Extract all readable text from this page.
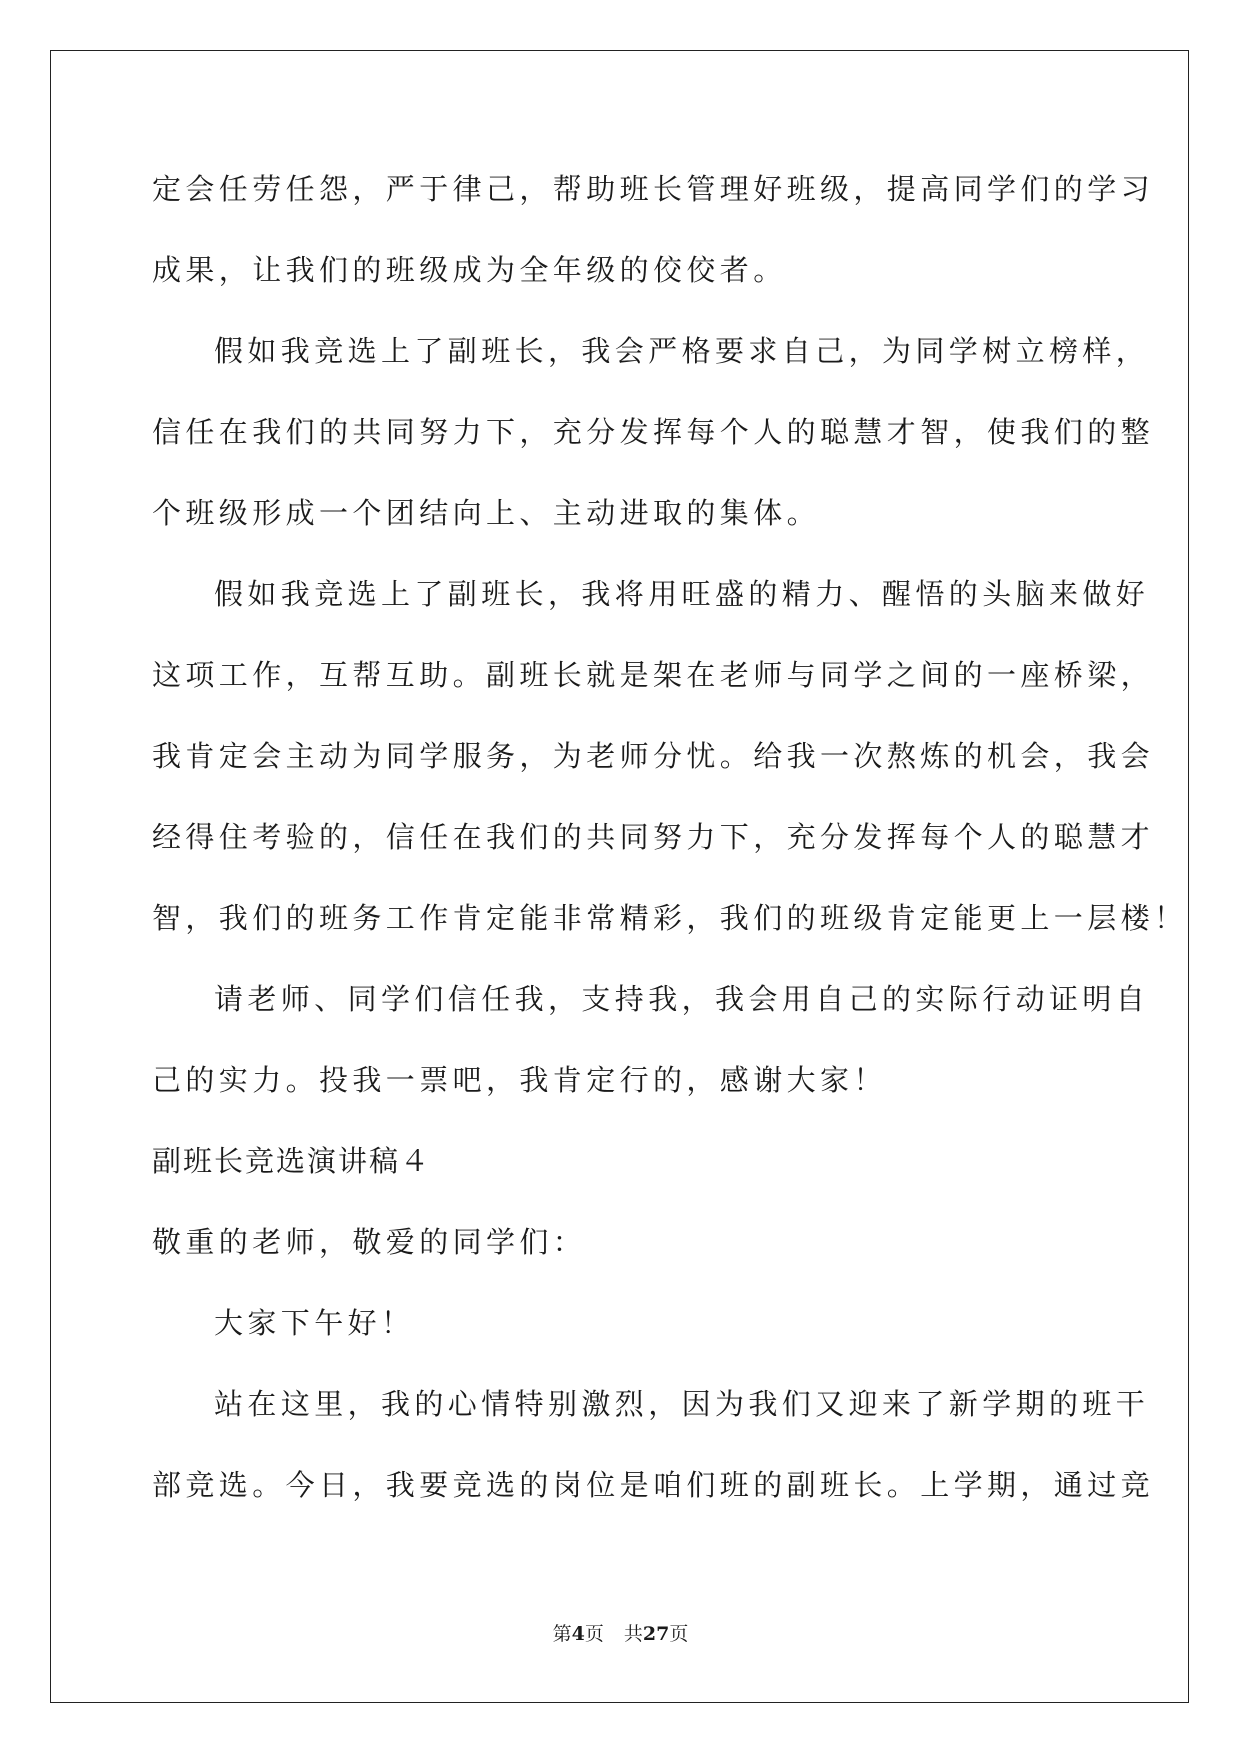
定会任劳任怨，严于律己，帮助班长管理好班级，提高同学们的学习
成果，让我们的班级成为全年级的佼佼者。
假如我竞选上了副班长，我会严格要求自己，为同学树立榜样，
信任在我们的共同努力下，充分发挥每个人的聪慧才智，使我们的整
个班级形成一个团结向上、主动进取的集体。
假如我竞选上了副班长，我将用旺盛的精力、醒悟的头脑来做好
这项工作，互帮互助。副班长就是架在老师与同学之间的一座桥梁，
我肯定会主动为同学服务，为老师分忧。给我一次熬炼的机会，我会
经得住考验的，信任在我们的共同努力下，充分发挥每个人的聪慧才
智，我们的班务工作肯定能非常精彩，我们的班级肯定能更上一层楼！
请老师、同学们信任我，支持我，我会用自己的实际行动证明自
己的实力。投我一票吧，我肯定行的，感谢大家！
副班长竞选演讲稿４
敬重的老师，敬爱的同学们：
大家下午好！
站在这里，我的心情特别激烈，因为我们又迎来了新学期的班干
部竞选。今日，我要竞选的岗位是咱们班的副班长。上学期，通过竞
第4页 共27页
